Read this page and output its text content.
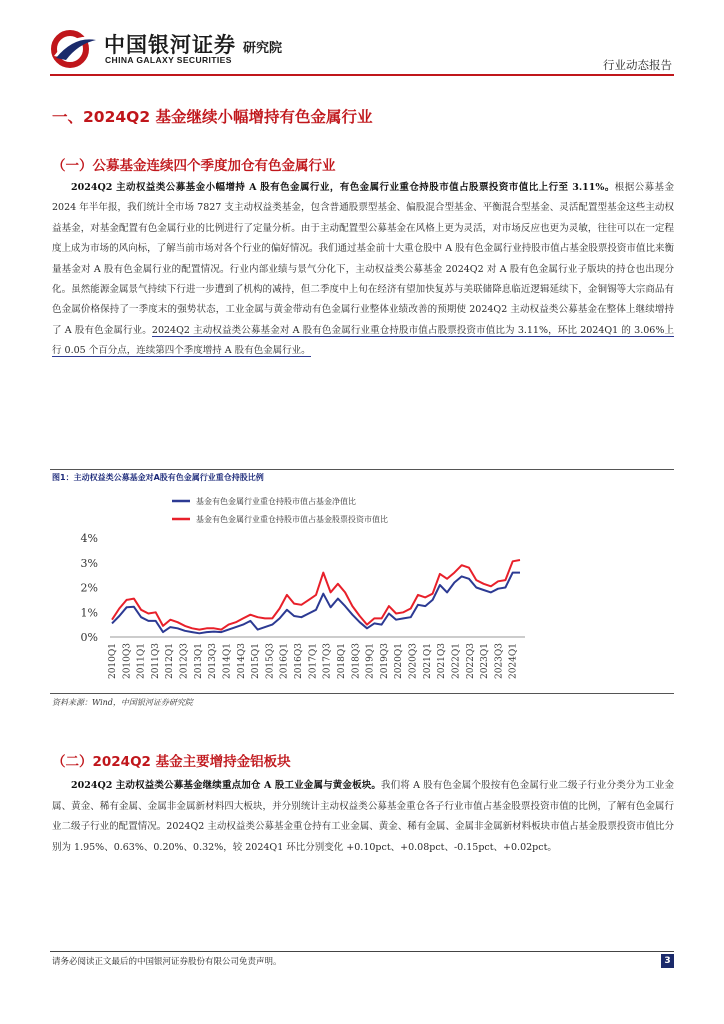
中国银河证券
CHINA GALAXY SECURITIES
研究院
行业动态报告
一、2024Q2 基金继续小幅增持有色金属行业
（一）公募基金连续四个季度加仓有色金属行业

  2024Q2 主动权益类公募基金小幅增持 A 股有色金属行业，有色金属行业重仓持股市值占股票投资市值比上行至 3.11%。根据公募基金 2024 年半年报，我们统计全市场 7827 支主动权益类基金，包含普通股票型基金、偏股混合型基金、平衡混合型基金、灵活配置型基金这些主动权益基金，对基金配置有色金属行业的比例进行了定量分析。由于主动配置型公募基金在风格上更为灵活，对市场反应也更为灵敏，往往可以在一定程度上成为市场的风向标，了解当前市场对各个行业的偏好情况。我们通过基金前十大重仓股中 A 股有色金属行业持股市值占基金股票投资市值比来衡量基金对 A 股有色金属行业的配置情况。行业内部业绩与景气分化下，主动权益类公募基金 2024Q2 对 A 股有色金属行业子版块的持仓也出现分化。虽然能源金属景气持续下行进一步遭到了机构的减持，但二季度中上旬在经济有望加快复苏与美联储降息临近逻辑延续下，金铜锡等大宗商品有色金属价格保持了一季度末的强势状态，工业金属与黄金带动有色金属行业整体业绩改善的预期使 2024Q2 主动权益类公募基金在整体上继续增持了 A 股有色金属行业。2024Q2 主动权益类公募基金对 A 股有色金属行业重仓持股市值占股票投资市值比为 3.11%，环比 2024Q1 的 3.06%上行 0.05 个百分点，连续第四个季度增持 A 股有色金属行业。

图1：主动权益类公募基金对A股有色金属行业重仓持股比例
基金有色金属行业重仓持股市值占基金净值比
基金有色金属行业重仓持股市值占基金股票投资市值比
0%
1%
2%
3%
4%
2010Q1 2010Q3 2011Q1 2011Q3 2012Q1 2012Q3 2013Q1 2013Q3 2014Q1 2014Q3 2015Q1 2015Q3 2016Q1 2016Q3 2017Q1 2017Q3 2018Q1 2018Q3 2019Q1 2019Q3 2020Q1 2020Q3 2021Q1 2021Q3 2022Q1 2022Q3 2023Q1 2023Q3 2024Q1
资料来源：Wind，中国银河证券研究院
（二）2024Q2 基金主要增持金铝板块

  2024Q2 主动权益类公募基金继续重点加仓 A 股工业金属与黄金板块。我们将 A 股有色金属个股按有色金属行业二级子行业分类分为工业金属、黄金、稀有金属、金属非金属新材料四大板块，并分别统计主动权益类公募基金重仓各子行业市值占基金股票投资市值的比例，了解有色金属行业二级子行业的配置情况。2024Q2 主动权益类公募基金重仓持有工业金属、黄金、稀有金属、金属非金属新材料板块市值占基金股票投资市值比分别为 1.95%、0.63%、0.20%、0.32%，较 2024Q1 环比分别变化 +0.10pct、+0.08pct、-0.15pct、+0.02pct。

请务必阅读正文最后的中国银河证券股份有限公司免责声明。	3
